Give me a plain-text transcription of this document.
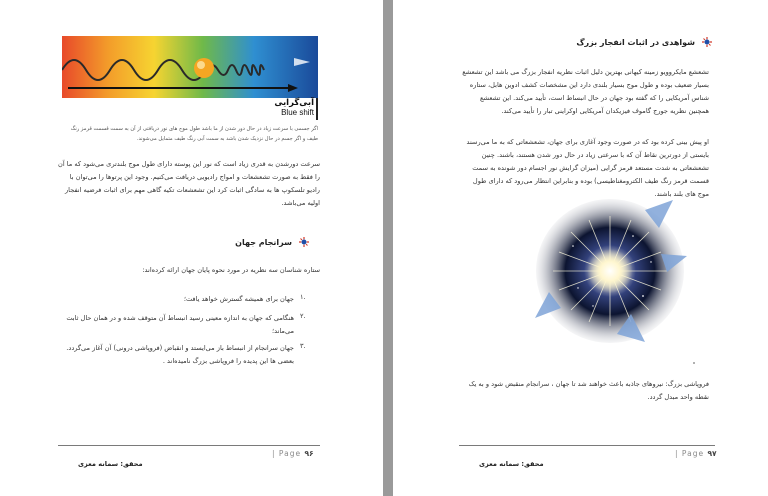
آبی‌گرایی
Blue shift
اگر جسمی با سرعت زیاد در حال دور شدن از ما باشد طول موج های نور دریافتی از آن به سمت قسمت قرمز رنگ طیف و اگر جسم در حال نزدیک شدن باشد به سمت آبی رنگ طیف متمایل می‌شوند.
سرعت دورشدن به قدری زیاد است که نور این پوسته دارای طول موج بلندتری می‌شود که ما آن را فقط به صورت تشعشعات و امواج رادیویی دریافت می‌کنیم. وجود این پرتوها را می‌توان با رادیو تلسکوپ ها به سادگی اثبات کرد این تشعشعات تکیه گاهی مهم برای اثبات فرضیه انفجار اولیه می‌باشد.
سرانجام جهان
ستاره شناسان سه نظریه در مورد نحوه پایان جهان ارائه کرده‌اند:
۱.
جهان برای همیشه گسترش خواهد یافت؛
۲.
هنگامی که جهان به اندازه معینی رسید انبساط آن متوقف شده و در همان حال ثابت می‌ماند؛
۳.
جهان سرانجام از انبساط باز می‌ایستد و انقباض (فروپاشی درونی) آن آغاز می‌گردد. بعضی ها این پدیده را فروپاشی بزرگ نامیده‌اند .
| Page ۹۶
محقق: سمانه معزی
شواهدی در اثبات انفجار بزرگ
تشعشع مایکروویو زمینه کیهانی بهترین دلیل اثبات نظریه انفجار بزرگ می باشد این تشعشع بسیار ضعیف بوده و طول موج بسیار بلندی دارد این مشخصات کشف ادوین هابل، ستاره شناس آمریکایی را که گفته بود جهان در حال انبساط است، تأیید می‌کند. این تشعشع همچنین نظریه جورج گاموف فیزیکدان آمریکایی اوکراینی تبار را تأیید می‌کند.
او پیش بینی کرده بود که در صورت وجود آغازی برای جهان، تشعشعاتی که به ما می‌رسند بایستی از دورترین نقاط آن که با سرعتی زیاد در حال دور شدن هستند، باشند. چنین تشعشعاتی به شدت مستعد قرمز گرایی (میزان گرایش نور اجسام دور شونده به سمت قسمت قرمز رنگ طیف الکترومغناطیسی) بوده و بنابراین انتظار می‌رود که دارای طول موج های بلند باشند.
فروپاشی بزرگ: نیروهای جاذبه باعث خواهند شد تا جهان ، سرانجام منقبض شود و به یک نقطه واحد مبدل گردد.
| Page ۹۷
محقق: سمانه معزی
